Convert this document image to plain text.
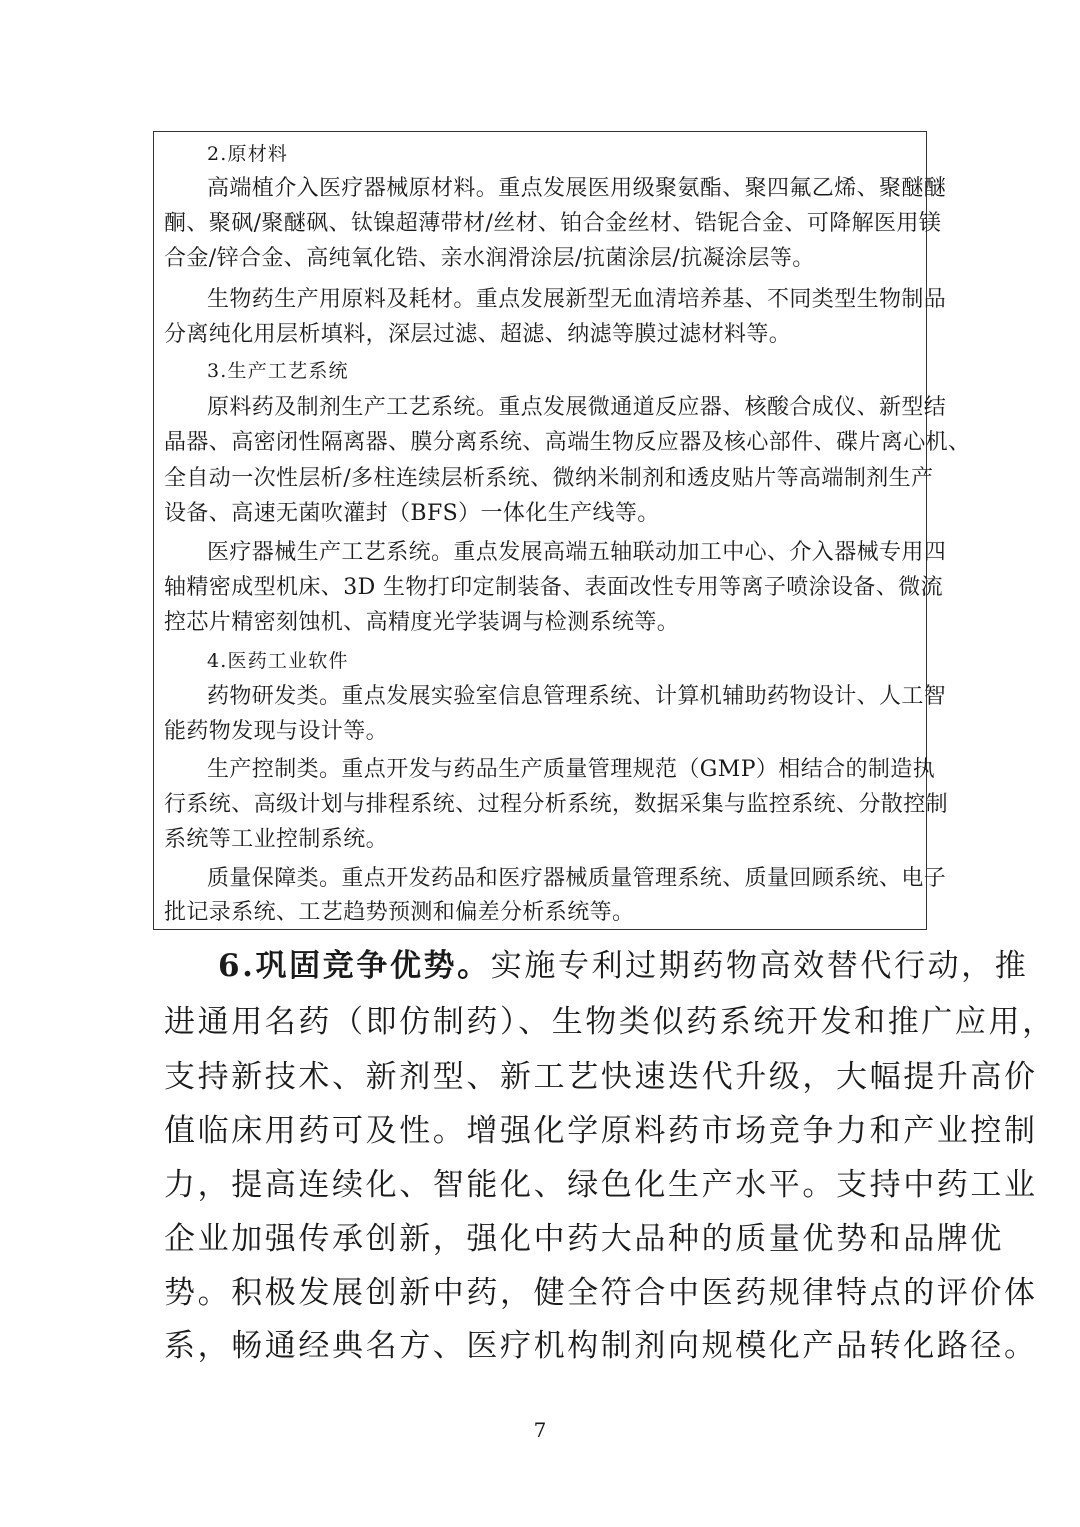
2.原材料
高端植介入医疗器械原材料。重点发展医用级聚氨酯、聚四氟乙烯、聚醚醚
酮、聚砜/聚醚砜、钛镍超薄带材/丝材、铂合金丝材、锆铌合金、可降解医用镁
合金/锌合金、高纯氧化锆、亲水润滑涂层/抗菌涂层/抗凝涂层等。
生物药生产用原料及耗材。重点发展新型无血清培养基、不同类型生物制品
分离纯化用层析填料，深层过滤、超滤、纳滤等膜过滤材料等。
3.生产工艺系统
原料药及制剂生产工艺系统。重点发展微通道反应器、核酸合成仪、新型结
晶器、高密闭性隔离器、膜分离系统、高端生物反应器及核心部件、碟片离心机、
全自动一次性层析/多柱连续层析系统、微纳米制剂和透皮贴片等高端制剂生产
设备、高速无菌吹灌封（BFS）一体化生产线等。
医疗器械生产工艺系统。重点发展高端五轴联动加工中心、介入器械专用四
轴精密成型机床、3D 生物打印定制装备、表面改性专用等离子喷涂设备、微流
控芯片精密刻蚀机、高精度光学装调与检测系统等。
4.医药工业软件
药物研发类。重点发展实验室信息管理系统、计算机辅助药物设计、人工智
能药物发现与设计等。
生产控制类。重点开发与药品生产质量管理规范（GMP）相结合的制造执
行系统、高级计划与排程系统、过程分析系统，数据采集与监控系统、分散控制
系统等工业控制系统。
质量保障类。重点开发药品和医疗器械质量管理系统、质量回顾系统、电子
批记录系统、工艺趋势预测和偏差分析系统等。
6.巩固竞争优势。实施专利过期药物高效替代行动，推
进通用名药（即仿制药）、生物类似药系统开发和推广应用，
支持新技术、新剂型、新工艺快速迭代升级，大幅提升高价
值临床用药可及性。增强化学原料药市场竞争力和产业控制
力，提高连续化、智能化、绿色化生产水平。支持中药工业
企业加强传承创新，强化中药大品种的质量优势和品牌优
势。积极发展创新中药，健全符合中医药规律特点的评价体
系，畅通经典名方、医疗机构制剂向规模化产品转化路径。
7
